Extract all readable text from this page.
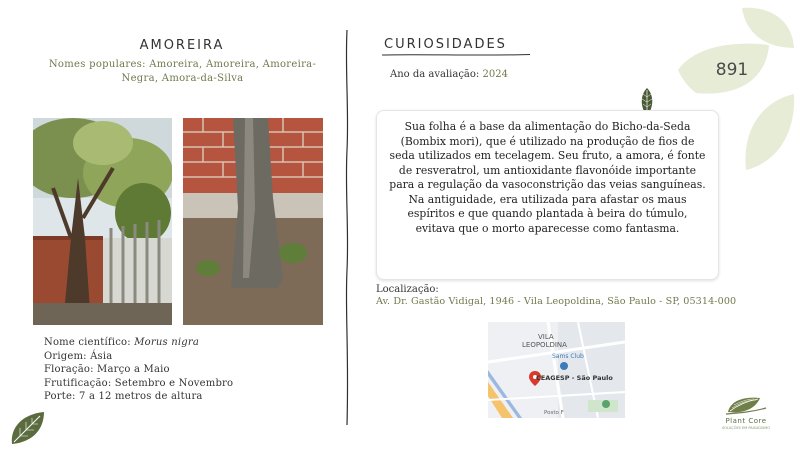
AMOREIRA
Nomes populares: Amoreira, Amoreira, Amoreira-Negra, Amora-da-Silva
Nome científico: Morus nigra
Origem: Ásia
Floração: Março a Maio
Frutificação: Setembro e Novembro
Porte: 7 a 12 metros de altura
CURIOSIDADES
Ano da avaliação: 2024
Sua folha é a base da alimentação do Bicho-da-Seda (Bombix mori), que é utilizado na produção de fios de seda utilizados em tecelagem. Seu fruto, a amora, é fonte de resveratrol, um antioxidante flavonóide importante para a regulação da vasoconstrição das veias sanguíneas. Na antiguidade, era utilizada para afastar os maus espíritos e que quando plantada à beira do túmulo, evitava que o morto aparecesse como fantasma.
Localização:
Av. Dr. Gastão Vidigal, 1946 - Vila Leopoldina, São Paulo - SP, 05314-000
VILA
LEOPOLDINA
Sams Club
CEAGESP - São Paulo
Posto F
891
Plant Core
SOLUÇÕES EM PAISAGISMO
